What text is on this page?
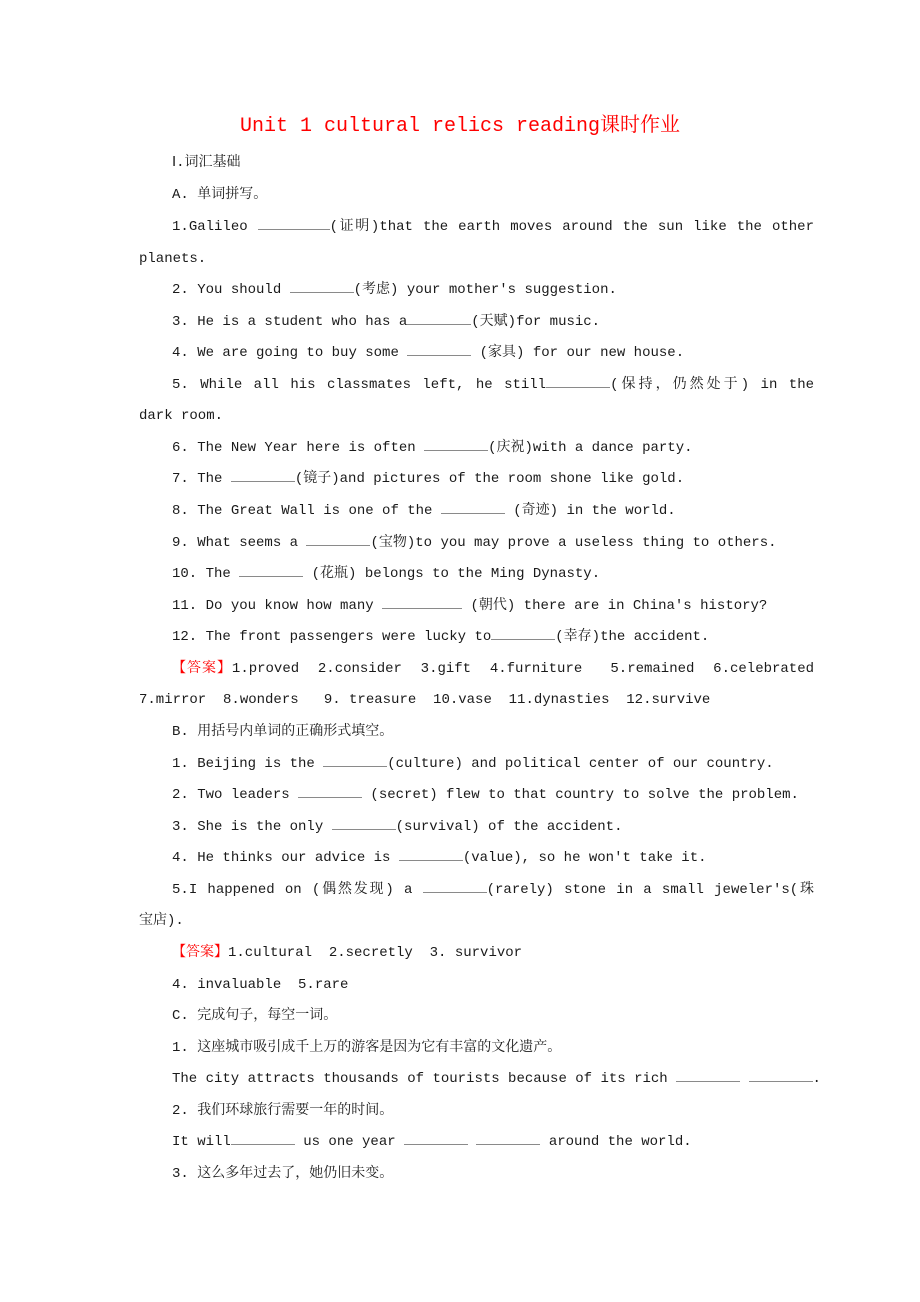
Unit 1 cultural relics reading课时作业
Ⅰ.词汇基础
A. 单词拼写。
1.Galileo	(证明)that the earth moves around the sun like the other
planets.
2. You should	(考虑) your mother's suggestion.
3. He is a student who has a	(天赋)for music.
4. We are going to buy some	(家具) for our new house.
5. While all his classmates left, he still	(保持，仍然处于) in the
dark room.
6. The New Year here is often	(庆祝)with a dance party.
7. The	(镜子)and pictures of the room shone like gold.
8. The Great Wall is one of the	(奇迹) in the world.
9. What seems a	(宝物)to you may prove a useless thing to others.
10. The	(花瓶) belongs to the Ming Dynasty.
11. Do you know how many	(朝代) there are in China's history?
12. The front passengers were lucky to	(幸存)the accident.
【答案】1.proved  2.consider  3.gift  4.furniture   5.remained  6.celebrated
7.mirror  8.wonders   9. treasure  10.vase  11.dynasties  12.survive
B. 用括号内单词的正确形式填空。
1. Beijing is the	(culture) and political center of our country.
2. Two leaders	(secret) flew to that country to solve the problem.
3. She is the only	(survival) of the accident.
4. He thinks our advice is	(value), so he won't take it.
5.I happened on (偶然发现) a	(rarely) stone in a small jeweler's(珠
宝店).
【答案】1.cultural  2.secretly  3. survivor
4. invaluable  5.rare
C. 完成句子，每空一词。
1. 这座城市吸引成千上万的游客是因为它有丰富的文化遗产。
The city attracts thousands of tourists because of its rich	.
2. 我们环球旅行需要一年的时间。
It will	us one year	around the world.
3. 这么多年过去了，她仍旧未变。
